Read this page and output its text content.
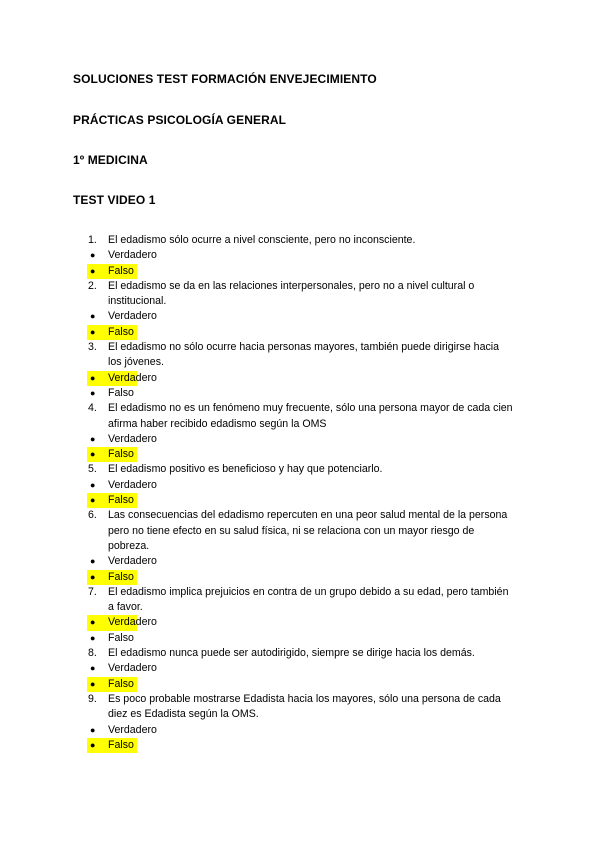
SOLUCIONES TEST FORMACIÓN ENVEJECIMIENTO

PRÁCTICAS PSICOLOGÍA GENERAL

1º MEDICINA

TEST VIDEO 1

1. El edadismo sólo ocurre a nivel consciente, pero no inconsciente.
● Verdadero
● Falso
2. El edadismo se da en las relaciones interpersonales, pero no a nivel cultural o institucional.
● Verdadero
● Falso
3. El edadismo no sólo ocurre hacia personas mayores, también puede dirigirse hacia los jóvenes.
● Verdadero
● Falso
4. El edadismo no es un fenómeno muy frecuente, sólo una persona mayor de cada cien afirma haber recibido edadismo según la OMS
● Verdadero
● Falso
5. El edadismo positivo es beneficioso y hay que potenciarlo.
● Verdadero
● Falso
6. Las consecuencias del edadismo repercuten en una peor salud mental de la persona pero no tiene efecto en su salud física, ni se relaciona con un mayor riesgo de pobreza.
● Verdadero
● Falso
7. El edadismo implica prejuicios en contra de un grupo debido a su edad, pero también a favor.
● Verdadero
● Falso
8. El edadismo nunca puede ser autodirigido, siempre se dirige hacia los demás.
● Verdadero
● Falso
9. Es poco probable mostrarse Edadista hacia los mayores, sólo una persona de cada diez es Edadista según la OMS.
● Verdadero
● Falso
